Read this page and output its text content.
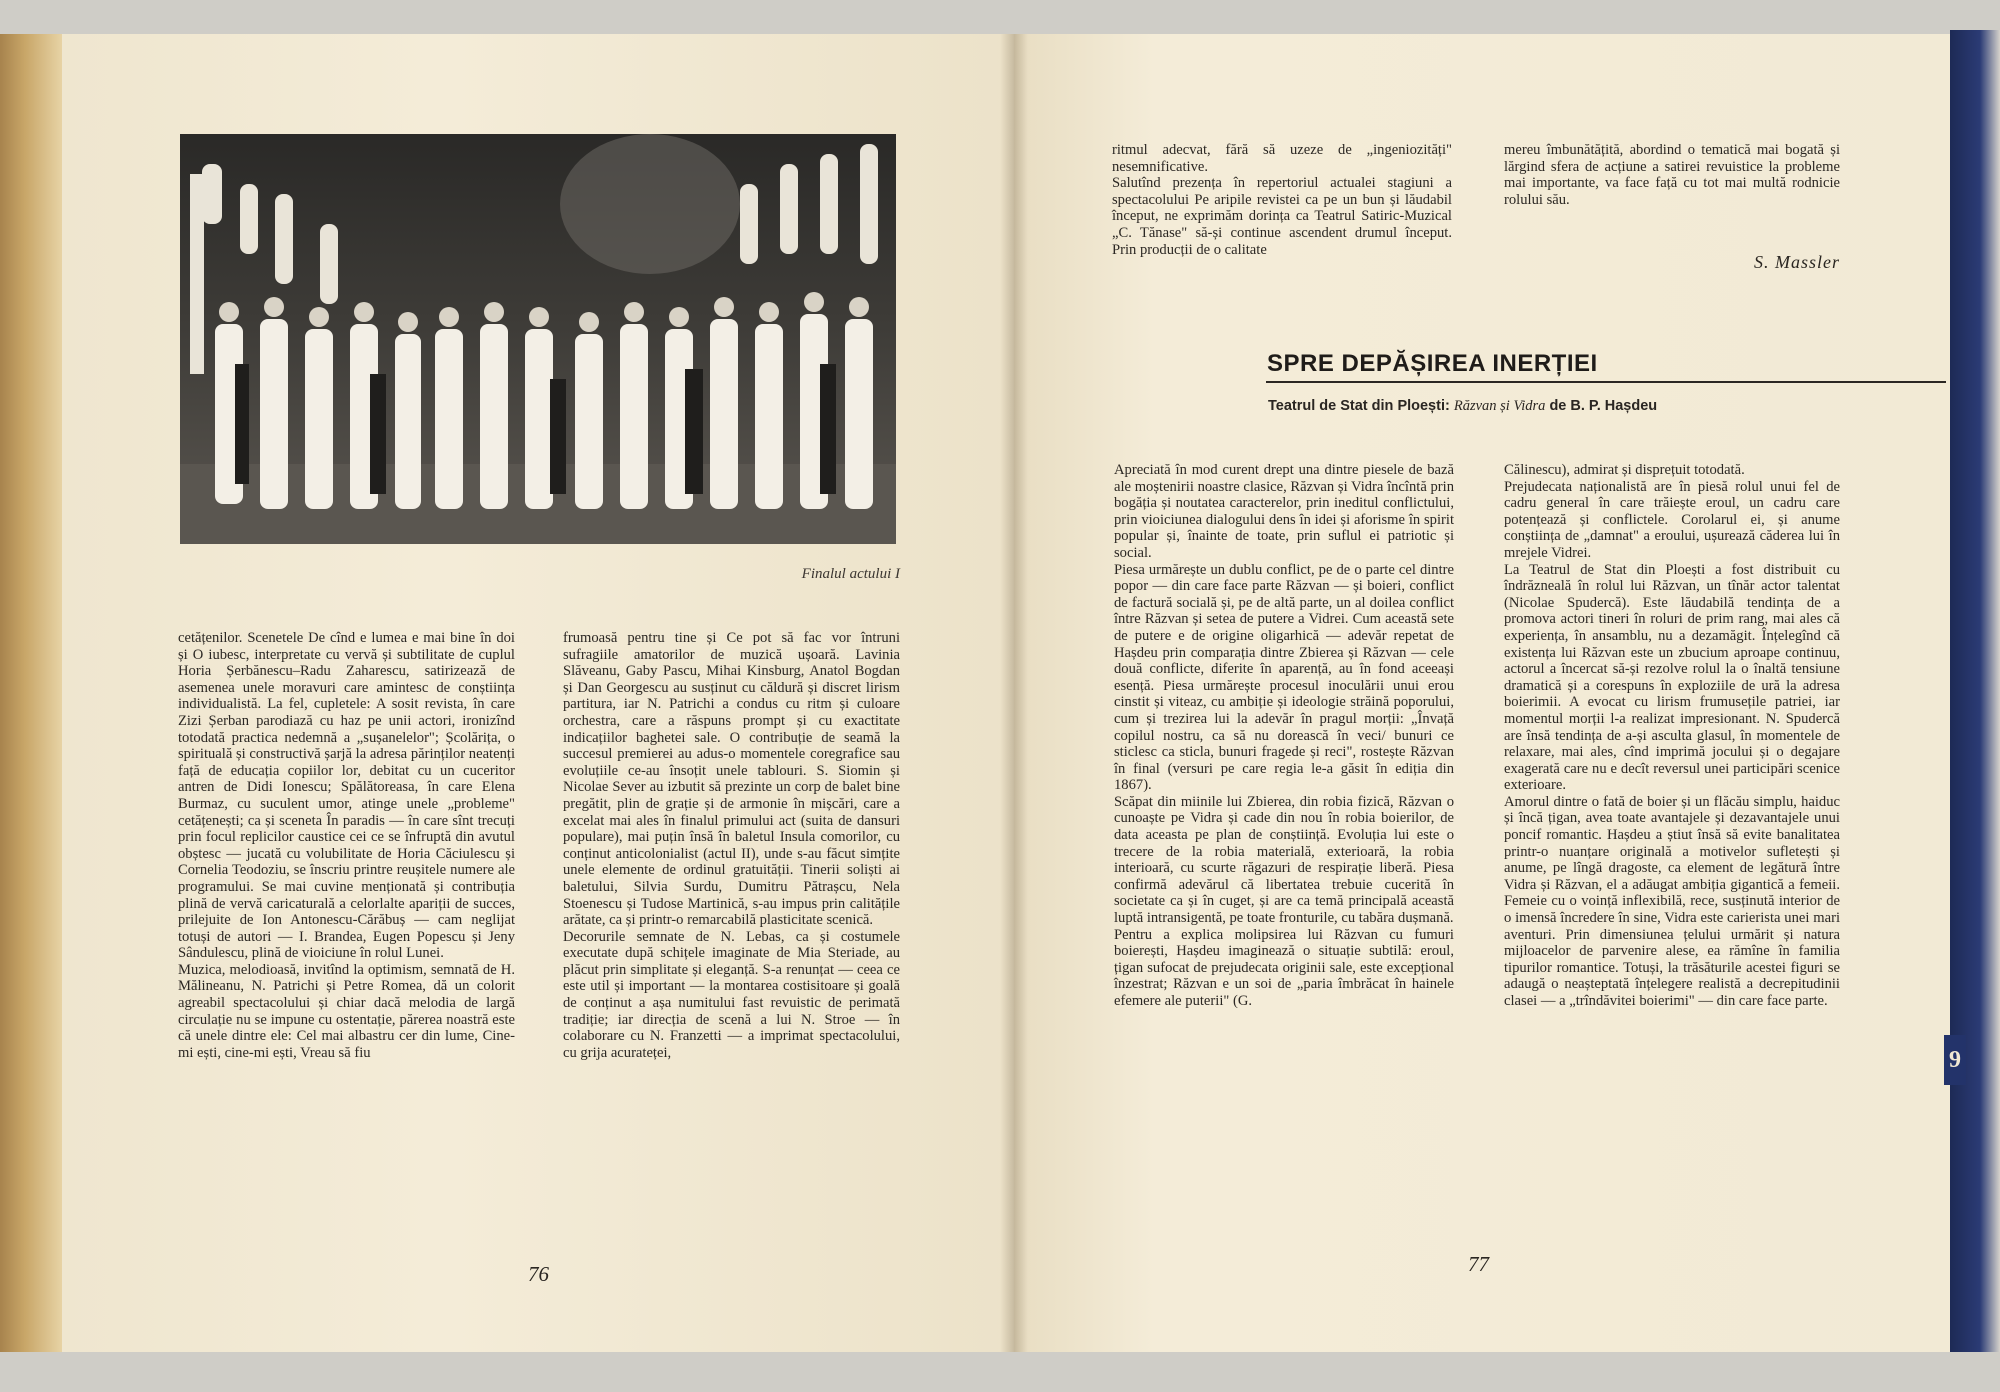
9
Finalul actului I
cetățenilor. Scenetele De cînd e lumea e mai bine în doi și O iubesc, interpretate cu vervă și subtilitate de cuplul Horia Șerbănescu–Radu Zaharescu, satirizează de asemenea unele moravuri care amintesc de conștiința individualistă. La fel, cupletele: A sosit revista, în care Zizi Șerban parodiază cu haz pe unii actori, ironizînd totodată practica nedemnă a „sușanelelor"; Școlărița, o spirituală și constructivă șarjă la adresa părinților neatenți față de educația copiilor lor, debitat cu un cuceritor antren de Didi Ionescu; Spălătoreasa, în care Elena Burmaz, cu suculent umor, atinge unele „probleme" cetățenești; ca și sceneta În paradis — în care sînt trecuți prin focul replicilor caustice cei ce se înfruptă din avutul obștesc — jucată cu volubilitate de Horia Căciulescu și Cornelia Teodoziu, se înscriu printre reușitele numere ale programului. Se mai cuvine menționată și contribuția plină de vervă caricaturală a celorlalte apariții de succes, prilejuite de Ion Antonescu-Cărăbuș — cam neglijat totuși de autori — I. Brandea, Eugen Popescu și Jeny Sândulescu, plină de vioiciune în rolul Lunei.
Muzica, melodioasă, invitînd la optimism, semnată de H. Mălineanu, N. Patrichi și Petre Romea, dă un colorit agreabil spectacolului și chiar dacă melodia de largă circulație nu se impune cu ostentație, părerea noastră este că unele dintre ele: Cel mai albastru cer din lume, Cine-mi ești, cine-mi ești, Vreau să fiu
frumoasă pentru tine și Ce pot să fac vor întruni sufragiile amatorilor de muzică ușoară. Lavinia Slăveanu, Gaby Pascu, Mihai Kinsburg, Anatol Bogdan și Dan Georgescu au susținut cu căldură și discret lirism partitura, iar N. Patrichi a condus cu ritm și culoare orchestra, care a răspuns prompt și cu exactitate indicațiilor baghetei sale. O contribuție de seamă la succesul premierei au adus-o momentele coregrafice sau evoluțiile ce-au însoțit unele tablouri. S. Siomin și Nicolae Sever au izbutit să prezinte un corp de balet bine pregătit, plin de grație și de armonie în mișcări, care a excelat mai ales în finalul primului act (suita de dansuri populare), mai puțin însă în baletul Insula comorilor, cu conținut anticolonialist (actul II), unde s-au făcut simțite unele elemente de ordinul gratuității. Tinerii soliști ai baletului, Silvia Surdu, Dumitru Pătrașcu, Nela Stoenescu și Tudose Martinică, s-au impus prin calitățile arătate, ca și printr-o remarcabilă plasticitate scenică.
Decorurile semnate de N. Lebas, ca și costumele executate după schițele imaginate de Mia Steriade, au plăcut prin simplitate și eleganță. S-a renunțat — ceea ce este util și important — la montarea costisitoare și goală de conținut a așa numitului fast revuistic de perimată tradiție; iar direcția de scenă a lui N. Stroe — în colaborare cu N. Franzetti — a imprimat spectacolului, cu grija acurateței,
76
ritmul adecvat, fără să uzeze de „ingeniozități" nesemnificative.
Salutînd prezența în repertoriul actualei stagiuni a spectacolului Pe aripile revistei ca pe un bun și lăudabil început, ne exprimăm dorința ca Teatrul Satiric-Muzical „C. Tănase" să-și continue ascendent drumul început. Prin producții de o calitate
mereu îmbunătățită, abordind o tematică mai bogată și lărgind sfera de acțiune a satirei revuistice la probleme mai importante, va face față cu tot mai multă rodnicie rolului său.
S. Massler
SPRE DEPĂȘIREA INERȚIEI
Teatrul de Stat din Ploești: Răzvan și Vidra de B. P. Hașdeu
Apreciată în mod curent drept una dintre piesele de bază ale moștenirii noastre clasice, Răzvan și Vidra încîntă prin bogăția și noutatea caracterelor, prin ineditul conflictului, prin vioiciunea dialogului dens în idei și aforisme în spirit popular și, înainte de toate, prin suflul ei patriotic și social.
Piesa urmărește un dublu conflict, pe de o parte cel dintre popor — din care face parte Răzvan — și boieri, conflict de factură socială și, pe de altă parte, un al doilea conflict între Răzvan și setea de putere a Vidrei. Cum această sete de putere e de origine oligarhică — adevăr repetat de Hașdeu prin comparația dintre Zbierea și Răzvan — cele două conflicte, diferite în aparență, au în fond aceeași esență. Piesa urmărește procesul inoculării unui erou cinstit și viteaz, cu ambiție și ideologie străină poporului, cum și trezirea lui la adevăr în pragul morții: „Învață copilul nostru, ca să nu dorească în veci/ bunuri ce sticlesc ca sticla, bunuri fragede și reci", rostește Răzvan în final (versuri pe care regia le-a găsit în ediția din 1867).
Scăpat din miinile lui Zbierea, din robia fizică, Răzvan o cunoaște pe Vidra și cade din nou în robia boierilor, de data aceasta pe plan de conștiință. Evoluția lui este o trecere de la robia materială, exterioară, la robia interioară, cu scurte răgazuri de respirație liberă. Piesa confirmă adevărul că libertatea trebuie cucerită în societate ca și în cuget, și are ca temă principală această luptă intransigentă, pe toate fronturile, cu tabăra dușmană.
Pentru a explica molipsirea lui Răzvan cu fumuri boierești, Hașdeu imaginează o situație subtilă: eroul, țigan sufocat de prejudecata originii sale, este excepțional înzestrat; Răzvan e un soi de „paria îmbrăcat în hainele efemere ale puterii" (G.
Călinescu), admirat și disprețuit totodată.
Prejudecata naționalistă are în piesă rolul unui fel de cadru general în care trăiește eroul, un cadru care potențează și conflictele. Corolarul ei, și anume conștiința de „damnat" a eroului, ușurează căderea lui în mrejele Vidrei.
La Teatrul de Stat din Ploești a fost distribuit cu îndrăzneală în rolul lui Răzvan, un tînăr actor talentat (Nicolae Spudercă). Este lăudabilă tendința de a promova actori tineri în roluri de prim rang, mai ales că experiența, în ansamblu, nu a dezamăgit. Înțelegînd că existența lui Răzvan este un zbucium aproape continuu, actorul a încercat să-și rezolve rolul la o înaltă tensiune dramatică și a corespuns în exploziile de ură la adresa boierimii. A evocat cu lirism frumusețile patriei, iar momentul morții l-a realizat impresionant. N. Spudercă are însă tendința de a-și asculta glasul, în momentele de relaxare, mai ales, cînd imprimă jocului și o degajare exagerată care nu e decît reversul unei participări scenice exterioare.
Amorul dintre o fată de boier și un flăcău simplu, haiduc și încă țigan, avea toate avantajele și dezavantajele unui poncif romantic. Hașdeu a știut însă să evite banalitatea printr-o nuanțare originală a motivelor sufletești și anume, pe lîngă dragoste, ca element de legătură între Vidra și Răzvan, el a adăugat ambiția gigantică a femeii. Femeie cu o voință inflexibilă, rece, susținută interior de o imensă încredere în sine, Vidra este carierista unei mari aventuri. Prin dimensiunea țelului urmărit și natura mijloacelor de parvenire alese, ea rămîne în familia tipurilor romantice. Totuși, la trăsăturile acestei figuri se adaugă o neașteptată înțelegere realistă a decrepitudinii clasei — a „trîndăvitei boierimi" — din care face parte.
77
